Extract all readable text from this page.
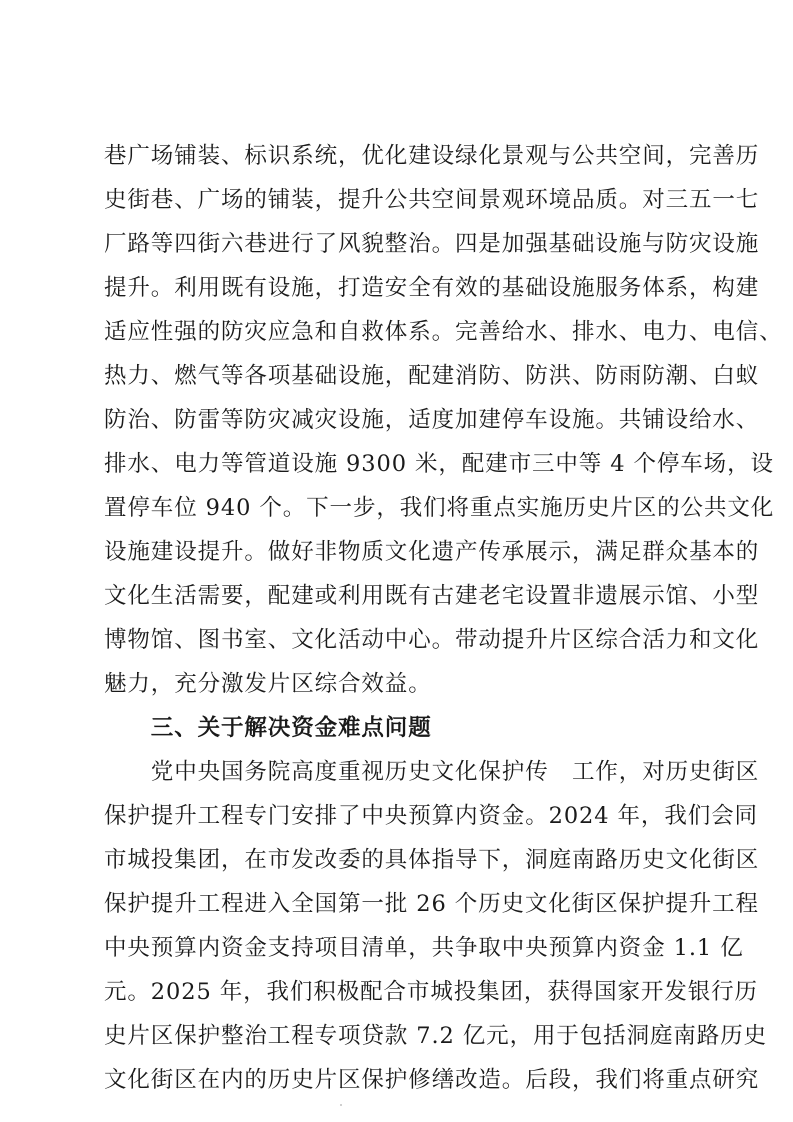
巷广场铺装、标识系统，优化建设绿化景观与公共空间，完善历
史街巷、广场的铺装，提升公共空间景观环境品质。对三五一七
厂路等四街六巷进行了风貌整治。四是加强基础设施与防灾设施
提升。利用既有设施，打造安全有效的基础设施服务体系，构建
适应性强的防灾应急和自救体系。完善给水、排水、电力、电信、
热力、燃气等各项基础设施，配建消防、防洪、防雨防潮、白蚁
防治、防雷等防灾减灾设施，适度加建停车设施。共铺设给水、
排水、电力等管道设施 9300 米，配建市三中等 4 个停车场，设
置停车位 940 个。下一步，我们将重点实施历史片区的公共文化
设施建设提升。做好非物质文化遗产传承展示，满足群众基本的
文化生活需要，配建或利用既有古建老宅设置非遗展示馆、小型
博物馆、图书室、文化活动中心。带动提升片区综合活力和文化
魅力，充分激发片区综合效益。
　　三、关于解决资金难点问题
　　党中央国务院高度重视历史文化保护传　工作，对历史街区
保护提升工程专门安排了中央预算内资金。2024 年，我们会同
市城投集团，在市发改委的具体指导下，洞庭南路历史文化街区
保护提升工程进入全国第一批 26 个历史文化街区保护提升工程
中央预算内资金支持项目清单，共争取中央预算内资金 1.1 亿
元。2025 年，我们积极配合市城投集团，获得国家开发银行历
史片区保护整治工程专项贷款 7.2 亿元，用于包括洞庭南路历史
文化街区在内的历史片区保护修缮改造。后段，我们将重点研究
